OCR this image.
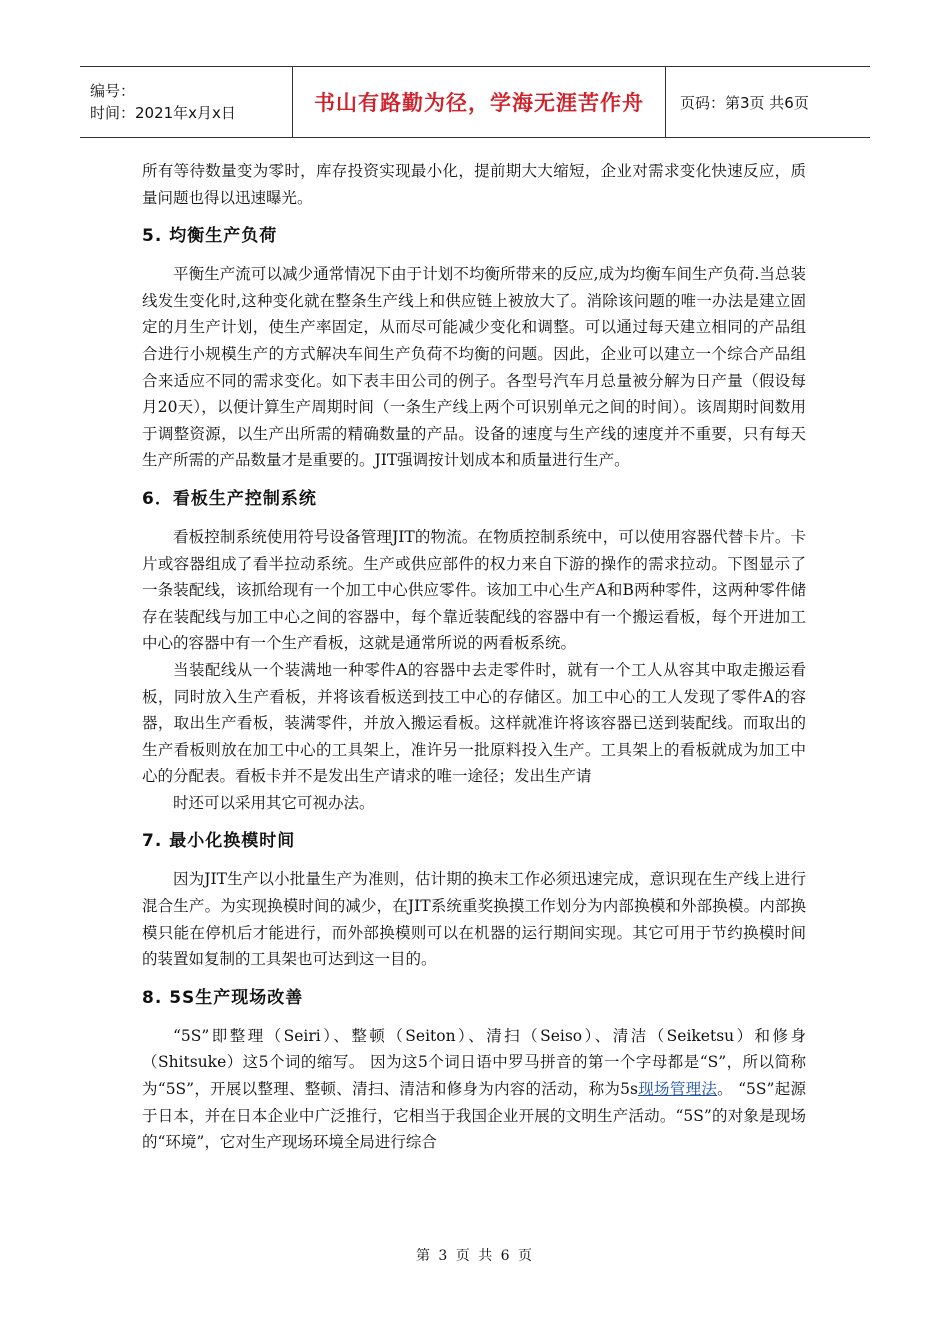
编号：
时间：2021年x月x日	书山有路勤为径，学海无涯苦作舟 页码：第3页 共6页

所有等待数量变为零时，库存投资实现最小化，提前期大大缩短，企业对需求变化快速反应，质量问题也得以迅速曝光。

5. 均衡生产负荷

平衡生产流可以减少通常情况下由于计划不均衡所带来的反应,成为均衡车间生产负荷.当总装线发生变化时,这种变化就在整条生产线上和供应链上被放大了。消除该问题的唯一办法是建立固定的月生产计划，使生产率固定，从而尽可能减少变化和调整。可以通过每天建立相同的产品组合进行小规模生产的方式解决车间生产负荷不均衡的问题。因此，企业可以建立一个综合产品组合来适应不同的需求变化。如下表丰田公司的例子。各型号汽车月总量被分解为日产量（假设每月20天），以便计算生产周期时间（一条生产线上两个可识别单元之间的时间）。该周期时间数用于调整资源，以生产出所需的精确数量的产品。设备的速度与生产线的速度并不重要，只有每天生产所需的产品数量才是重要的。JIT强调按计划成本和质量进行生产。

6．看板生产控制系统

看板控制系统使用符号设备管理JIT的物流。在物质控制系统中，可以使用容器代替卡片。卡片或容器组成了看半拉动系统。生产或供应部件的权力来自下游的操作的需求拉动。下图显示了一条装配线，该抓给现有一个加工中心供应零件。该加工中心生产A和B两种零件，这两种零件储存在装配线与加工中心之间的容器中，每个靠近装配线的容器中有一个搬运看板，每个开进加工中心的容器中有一个生产看板，这就是通常所说的两看板系统。

当装配线从一个装满地一种零件A的容器中去走零件时，就有一个工人从容其中取走搬运看板，同时放入生产看板，并将该看板送到技工中心的存储区。加工中心的工人发现了零件A的容器，取出生产看板，装满零件，并放入搬运看板。这样就准许将该容器已送到装配线。而取出的生产看板则放在加工中心的工具架上，准许另一批原料投入生产。工具架上的看板就成为加工中心的分配表。看板卡并不是发出生产请求的唯一途径；发出生产请

时还可以采用其它可视办法。

7. 最小化换模时间

因为JIT生产以小批量生产为准则，估计期的换末工作必须迅速完成，意识现在生产线上进行混合生产。为实现换模时间的减少，在JIT系统重奖换摸工作划分为内部换模和外部换模。内部换模只能在停机后才能进行，而外部换模则可以在机器的运行期间实现。其它可用于节约换模时间的装置如复制的工具架也可达到这一目的。

8. 5S生产现场改善

“5S”即整理（Seiri）、整顿（Seiton）、清扫（Seiso）、清洁（Seiketsu）和修身（Shitsuke）这5个词的缩写。 因为这5个词日语中罗马拼音的第一个字母都是“S”，所以简称为“5S”，开展以整理、整顿、清扫、清洁和修身为内容的活动，称为5s现场管理法。 “5S”起源于日本，并在日本企业中广泛推行，它相当于我国企业开展的文明生产活动。“5S”的对象是现场的“环境”，它对生产现场环境全局进行综合

第 3 页 共 6 页
